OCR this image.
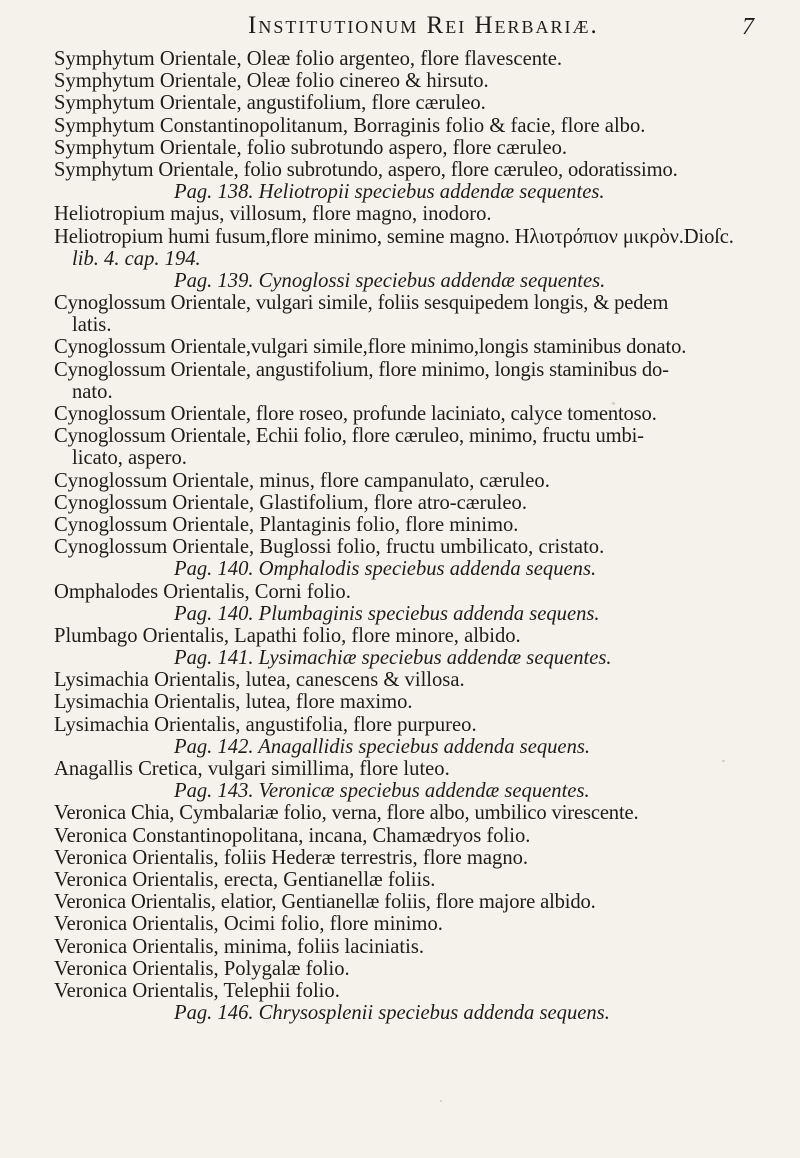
Institutionum Rei Herbariæ.	7
Symphytum Orientale, Oleæ folio argenteo, flore flavescente.
Symphytum Orientale, Oleæ folio cinereo & hirsuto.
Symphytum Orientale, angustifolium, flore cæruleo.
Symphytum Constantinopolitanum, Borraginis folio & facie, flore albo.
Symphytum Orientale, folio subrotundo aspero, flore cæruleo.
Symphytum Orientale, folio subrotundo, aspero, flore cæruleo, odoratissimo.
Pag. 138. Heliotropii speciebus addendæ sequentes.
Heliotropium majus, villosum, flore magno, inodoro.
Heliotropium humi fusum,flore minimo, semine magno. Ηλιοτρόπιον μικρὸν.Dioſc.
lib. 4. cap. 194.
Pag. 139. Cynoglossi speciebus addendæ sequentes.
Cynoglossum Orientale, vulgari simile, foliis sesquipedem longis, & pedem
latis.
Cynoglossum Orientale,vulgari simile,flore minimo,longis staminibus donato.
Cynoglossum Orientale, angustifolium, flore minimo, longis staminibus do-
nato.
Cynoglossum Orientale, flore roseo, profunde laciniato, calyce tomentoso.
Cynoglossum Orientale, Echii folio, flore cæruleo, minimo, fructu umbi-
licato, aspero.
Cynoglossum Orientale, minus, flore campanulato, cæruleo.
Cynoglossum Orientale, Glastifolium, flore atro-cæruleo.
Cynoglossum Orientale, Plantaginis folio, flore minimo.
Cynoglossum Orientale, Buglossi folio, fructu umbilicato, cristato.
Pag. 140. Omphalodis speciebus addenda sequens.
Omphalodes Orientalis, Corni folio.
Pag. 140. Plumbaginis speciebus addenda sequens.
Plumbago Orientalis, Lapathi folio, flore minore, albido.
Pag. 141. Lysimachiæ speciebus addendæ sequentes.
Lysimachia Orientalis, lutea, canescens & villosa.
Lysimachia Orientalis, lutea, flore maximo.
Lysimachia Orientalis, angustifolia, flore purpureo.
Pag. 142. Anagallidis speciebus addenda sequens.
Anagallis Cretica, vulgari simillima, flore luteo.
Pag. 143. Veronicæ speciebus addendæ sequentes.
Veronica Chia, Cymbalariæ folio, verna, flore albo, umbilico virescente.
Veronica Constantinopolitana, incana, Chamædryos folio.
Veronica Orientalis, foliis Hederæ terrestris, flore magno.
Veronica Orientalis, erecta, Gentianellæ foliis.
Veronica Orientalis, elatior, Gentianellæ foliis, flore majore albido.
Veronica Orientalis, Ocimi folio, flore minimo.
Veronica Orientalis, minima, foliis laciniatis.
Veronica Orientalis, Polygalæ folio.
Veronica Orientalis, Telephii folio.
Pag. 146. Chrysosplenii speciebus addenda sequens.
